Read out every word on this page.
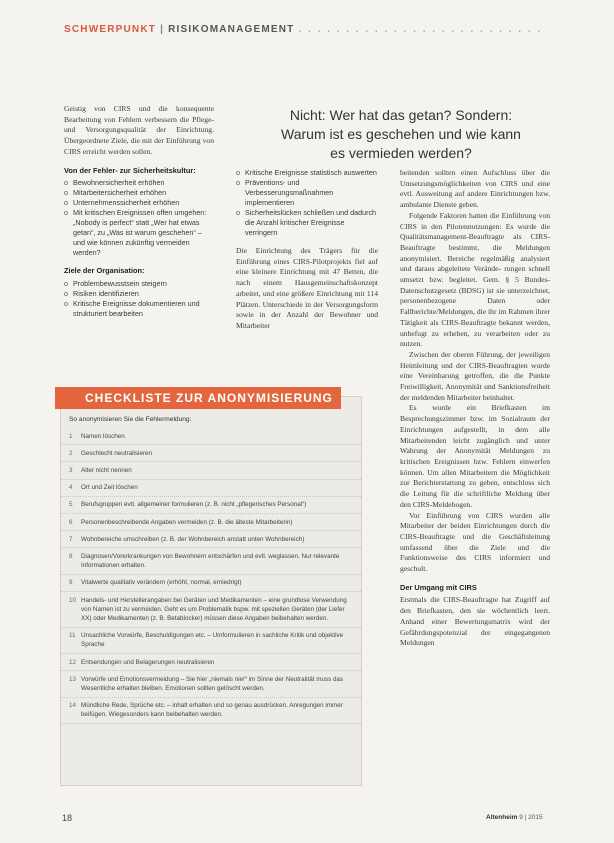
SCHWERPUNKT | RISIKOMANAGEMENT . . . . . . . . . . . . . . . . . . . . . . . . . .

Geistig von CIRS und die konsequente Bearbeitung von Fehlern verbessern die Pflege- und Versorgungsqualität der Einrichtung. Übergeordnete Ziele, die mit der Einführung von CIRS erreicht werden sollen.

Von der Fehler- zur Sicherheitskultur:
o Bewohnersicherheit erhöhen
o Mitarbeitersicherheit erhöhen
o Unternehmenssicherheit erhöhen
o Mit kritischen Ereignissen offen umgehen: „Nobody is perfect“ statt „Wer hat etwas getan“, zu „Was ist warum geschehen“ – und wie können zukünftig vermeiden werden?
Ziele der Organisation:
o Problembewusstsein steigern
o Risiken identifizieren
o Kritische Ereignisse dokumentieren und strukturiert bearbeiten
Nicht: Wer hat das getan? Sondern: Warum ist es geschehen und wie kann es vermieden werden?
o Kritische Ereignisse statistisch auswerten
o Präventions- und Verbesserungsmaßnahmen implementieren
o Sicherheitslücken schließen und dadurch die Anzahl kritischer Ereignisse verringern

Die Einrichtung des Trägers für die Einführung eines CIRS-Pilotprojekts fiel auf eine kleinere Einrichtung mit 47 Betten, die nach einem Hausgemeinschaftskonzept arbeitet, und eine größere Einrichtung mit 114 Plätzen. Unterschiede in der Versorgungsform sowie in der Anzahl der Bewohner und Mitarbeiter

beitenden sollten einen Aufschluss über die Umsetzungsmöglichkeiten von CIRS und eine evtl. Ausweitung auf andere Einrichtungen bzw. ambulante Dienste geben.

Folgende Faktoren hatten die Einführung von CIRS in den Pilotennutzungen: Es wurde die Qualitätsmanagement-Beauftragte als CIRS-Beauftragte bestimmt, die Meldungen anonymisiert. Bereiche regelmäßig analysiert und daraus abgeleitete Verände- rungen schnell umsetzt bzw. begleitet. Gem. § 5 Bundes-Datenschutzgesetz (BDSG) ist sie unterzeichnet, personenbezogene Daten oder Fallberichte/Meldungen, die ihr im Rahmen ihrer Tätigkeit als CIRS-Beauftragte bekannt werden, unbefugt zu erheben, zu verarbeiten oder zu nutzen.

Zwischen der oberen Führung, der jeweiligen Heimleitung und der CIRS-Beauftragten wurde eine Vereinbarung getroffen, die die Punkte Freiwilligkeit, Anonymität und Sanktionsfreiheit der meldenden Mitarbeiter beinhaltet.

Es wurde ein Briefkasten im Besprechungszimmer bzw. im Sozialraum der Einrichtungen aufgestellt, in dem alle Mitarbeitenden leicht zugänglich und unter Wahrung der Anonymität Meldungen zu kritischen Ereignissen bzw. Fehlern einwerfen können. Um allen Mitarbeitern die Möglichkeit zur Berichterstattung zu geben, entschloss sich die Leitung für die schriftliche Meldung über den CIRS-Meldebogen.

Vor Einführung von CIRS wurden alle Mitarbeiter der beiden Einrichtungen durch die CIRS-Beauftragte und die Geschäftsleitung umfassend über die Ziele und die Funktionsweise des CIRS informiert und geschult.

Der Umgang mit CIRS

Erstmals die CIRS-Beauftragte hat Zugriff auf den Briefkasten, den sie wöchentlich leert. Anhand einer Bewertungsmatrix wird der Gefährdungspotenzial der eingegangenen Meldungen

CHECKLISTE ZUR ANONYMISIERUNG
So anonymisieren Sie die Fehlermeldung:
1	Namen löschen
2	Geschlecht neutralisieren
3	Alter nicht nennen
4	Ort und Zeit löschen
5	Berufsgruppen evtl. allgemeiner formulieren (z. B. nicht „pflegerisches Personal“)
6	Personenbeschreibende Angaben vermeiden (z. B. die älteste Mitarbeiterin)
7	Wohnbereiche umschreiben (z. B. der Wohnbereich anstatt unten Wohnbereich)
8	Diagnosen/Vorerkrankungen von Bewohnern entschärfen und evtl. weglassen. Nur relevante Informationen erhalten.
9	Vitalwerte qualitativ verändern (erhöht, normal, erniedrigt)
10 Handels- und Herstellerangaben bei Geräten und Medikamenten – eine grundlose Verwendung von Namen ist zu vermeiden. Geht es um Problematik bspw. mit speziellen Geräten (der Liefer XX) oder Medikamenten (z. B. Betablocker) müssen diese Angaben beibehalten werden.
11 Unsachliche Vorwürfe, Beschuldigungen etc. – Umformulieren in sachliche Kritik und objektive Sprache
12 Entsendungen und Belagerungen neutralisieren
13 Vorwürfe und Emotionsvermeidung – Sie hier „niemals nie!“ im Sinne der Neutralität muss das Wesentliche erhalten bleiben. Emotionen sollten gelöscht werden.
14 Mündliche Rede, Sprüche etc. – inhalt erhalten und so genau ausdrücken. Anregungen immer beifügen. Wiegesonders kann beibehalten werden.
18	Altenheim 9 | 2015
